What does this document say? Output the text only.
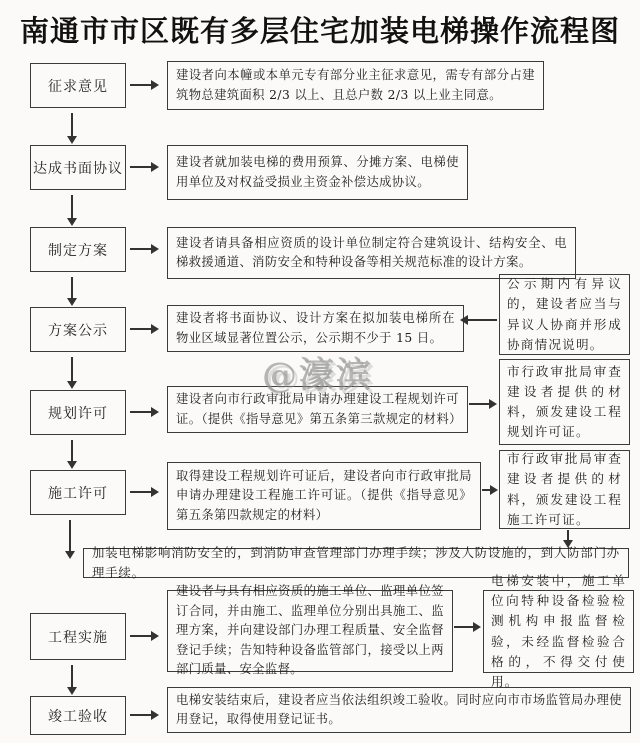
南通市市区既有多层住宅加装电梯操作流程图
征求意见
达成书面协议
制定方案
方案公示
规划许可
施工许可
工程实施
竣工验收
建设者向本幢或本单元专有部分业主征求意见，需专有部分占建筑物总建筑面积 2/3 以上、且总户数 2/3 以上业主同意。
建设者就加装电梯的费用预算、分摊方案、电梯使用单位及对权益受损业主资金补偿达成协议。
建设者请具备相应资质的设计单位制定符合建筑设计、结构安全、电梯救援通道、消防安全和特种设备等相关规范标准的设计方案。
建设者将书面协议、设计方案在拟加装电梯所在物业区域显著位置公示，公示期不少于 15 日。
建设者向市行政审批局申请办理建设工程规划许可证。（提供《指导意见》第五条第三款规定的材料）
取得建设工程规划许可证后，建设者向市行政审批局申请办理建设工程施工许可证。（提供《指导意见》第五条第四款规定的材料）
建设者与具有相应资质的施工单位、监理单位签订合同，并由施工、监理单位分别出具施工、监理方案，并向建设部门办理工程质量、安全监督登记手续；告知特种设备监管部门，接受以上两部门质量、安全监督。
电梯安装结束后，建设者应当依法组织竣工验收。同时应向市市场监管局办理使用登记，取得使用登记证书。
公示期内有异议的，建设者应当与异议人协商并形成协商情况说明。
市行政审批局审查建设者提供的材料，颁发建设工程规划许可证。
市行政审批局审查建设者提供的材料，颁发建设工程施工许可证。
电梯安装中，施工单位向特种设备检验检测机构申报监督检验，未经监督检验合格的，不得交付使用。
加装电梯影响消防安全的，到消防审查管理部门办理手续；涉及人防设施的，到人防部门办理手续。
@濠滨
